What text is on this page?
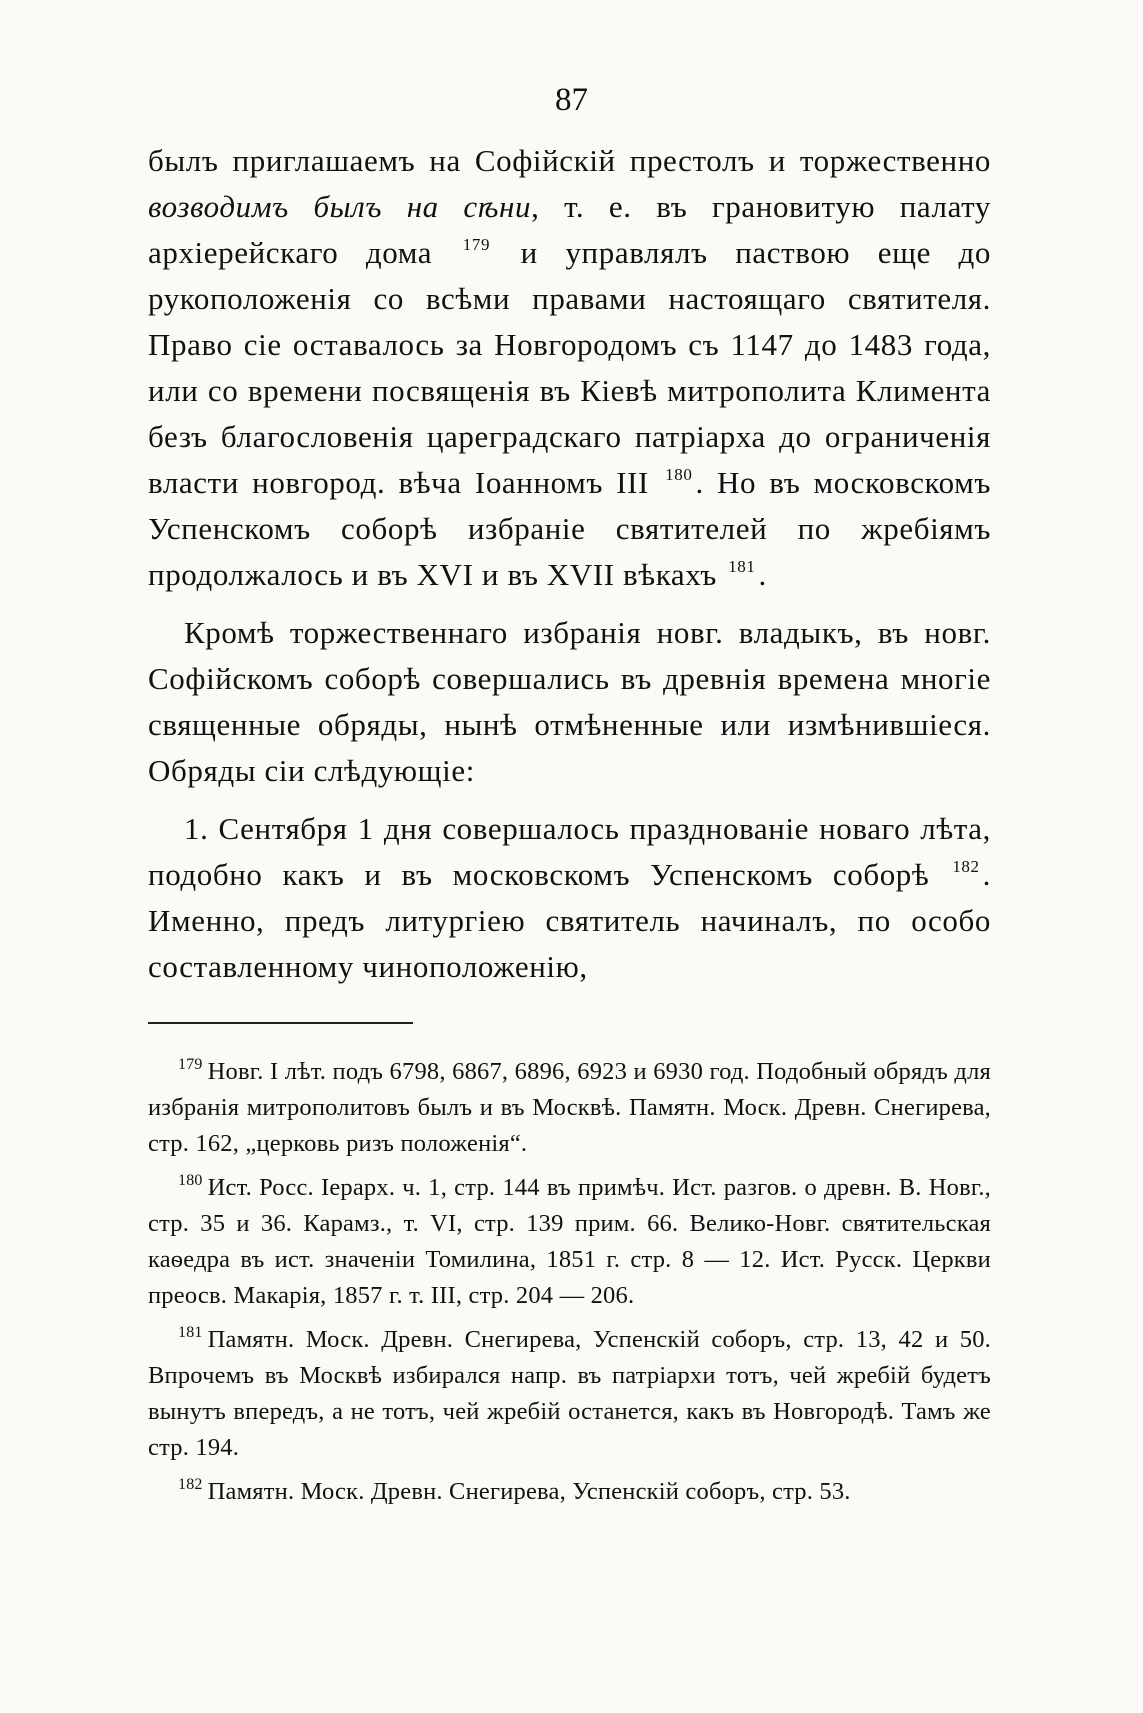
87

былъ приглашаемъ на Софійскій престолъ и торжественно возводимъ былъ на сѣни, т. е. въ грановитую палату архіерейскаго дома $^{179}$ и управлялъ паствою еще до рукоположенія со всѣми правами настоящаго святителя. Право сіе оставалось за Новгородомъ съ 1147 до 1483 года, или со времени посвященія въ Кіевѣ митрополита Климента безъ благословенія цареградскаго патріарха до ограниченія власти новгород. вѣча Іоанномъ III $^{180}$. Но въ московскомъ Успенскомъ соборѣ избраніе святителей по жребіямъ продолжалось и въ XVI и въ XVII вѣкахъ $^{181}$.

Кромѣ торжественнаго избранія новг. владыкъ, въ новг. Софійскомъ соборѣ совершались въ древнія времена многіе священные обряды, нынѣ отмѣненные или измѣнившіеся. Обряды сіи слѣдующіе:

1. Сентября 1 дня совершалось празднованіе новаго лѣта, подобно какъ и въ московскомъ Успенскомъ соборѣ $^{182}$. Именно, предъ литургіею святитель начиналъ, по особо составленному чиноположенію,

$^{179}$ Новг. I лѣт. подъ 6798, 6867, 6896, 6923 и 6930 год. Подобный обрядъ для избранія митрополитовъ былъ и въ Москвѣ. Памятн. Моск. Древн. Снегирева, стр. 162, „церковь ризъ положенія“.

$^{180}$ Ист. Росс. Іерарх. ч. 1, стр. 144 въ примѣч. Ист. разгов. о древн. В. Новг., стр. 35 и 36. Карамз., т. VI, стр. 139 прим. 66. Велико-Новг. святительская каѳедра въ ист. значеніи Томилина, 1851 г. стр. 8 — 12. Ист. Русск. Церкви преосв. Макарія, 1857 г. т. III, стр. 204 — 206.

$^{181}$ Памятн. Моск. Древн. Снегирева, Успенскій соборъ, стр. 13, 42 и 50. Впрочемъ въ Москвѣ избирался напр. въ патріархи тотъ, чей жребій будетъ вынутъ впередъ, а не тотъ, чей жребій останется, какъ въ Новгородѣ. Тамъ же стр. 194.

$^{182}$ Памятн. Моск. Древн. Снегирева, Успенскій соборъ, стр. 53.
